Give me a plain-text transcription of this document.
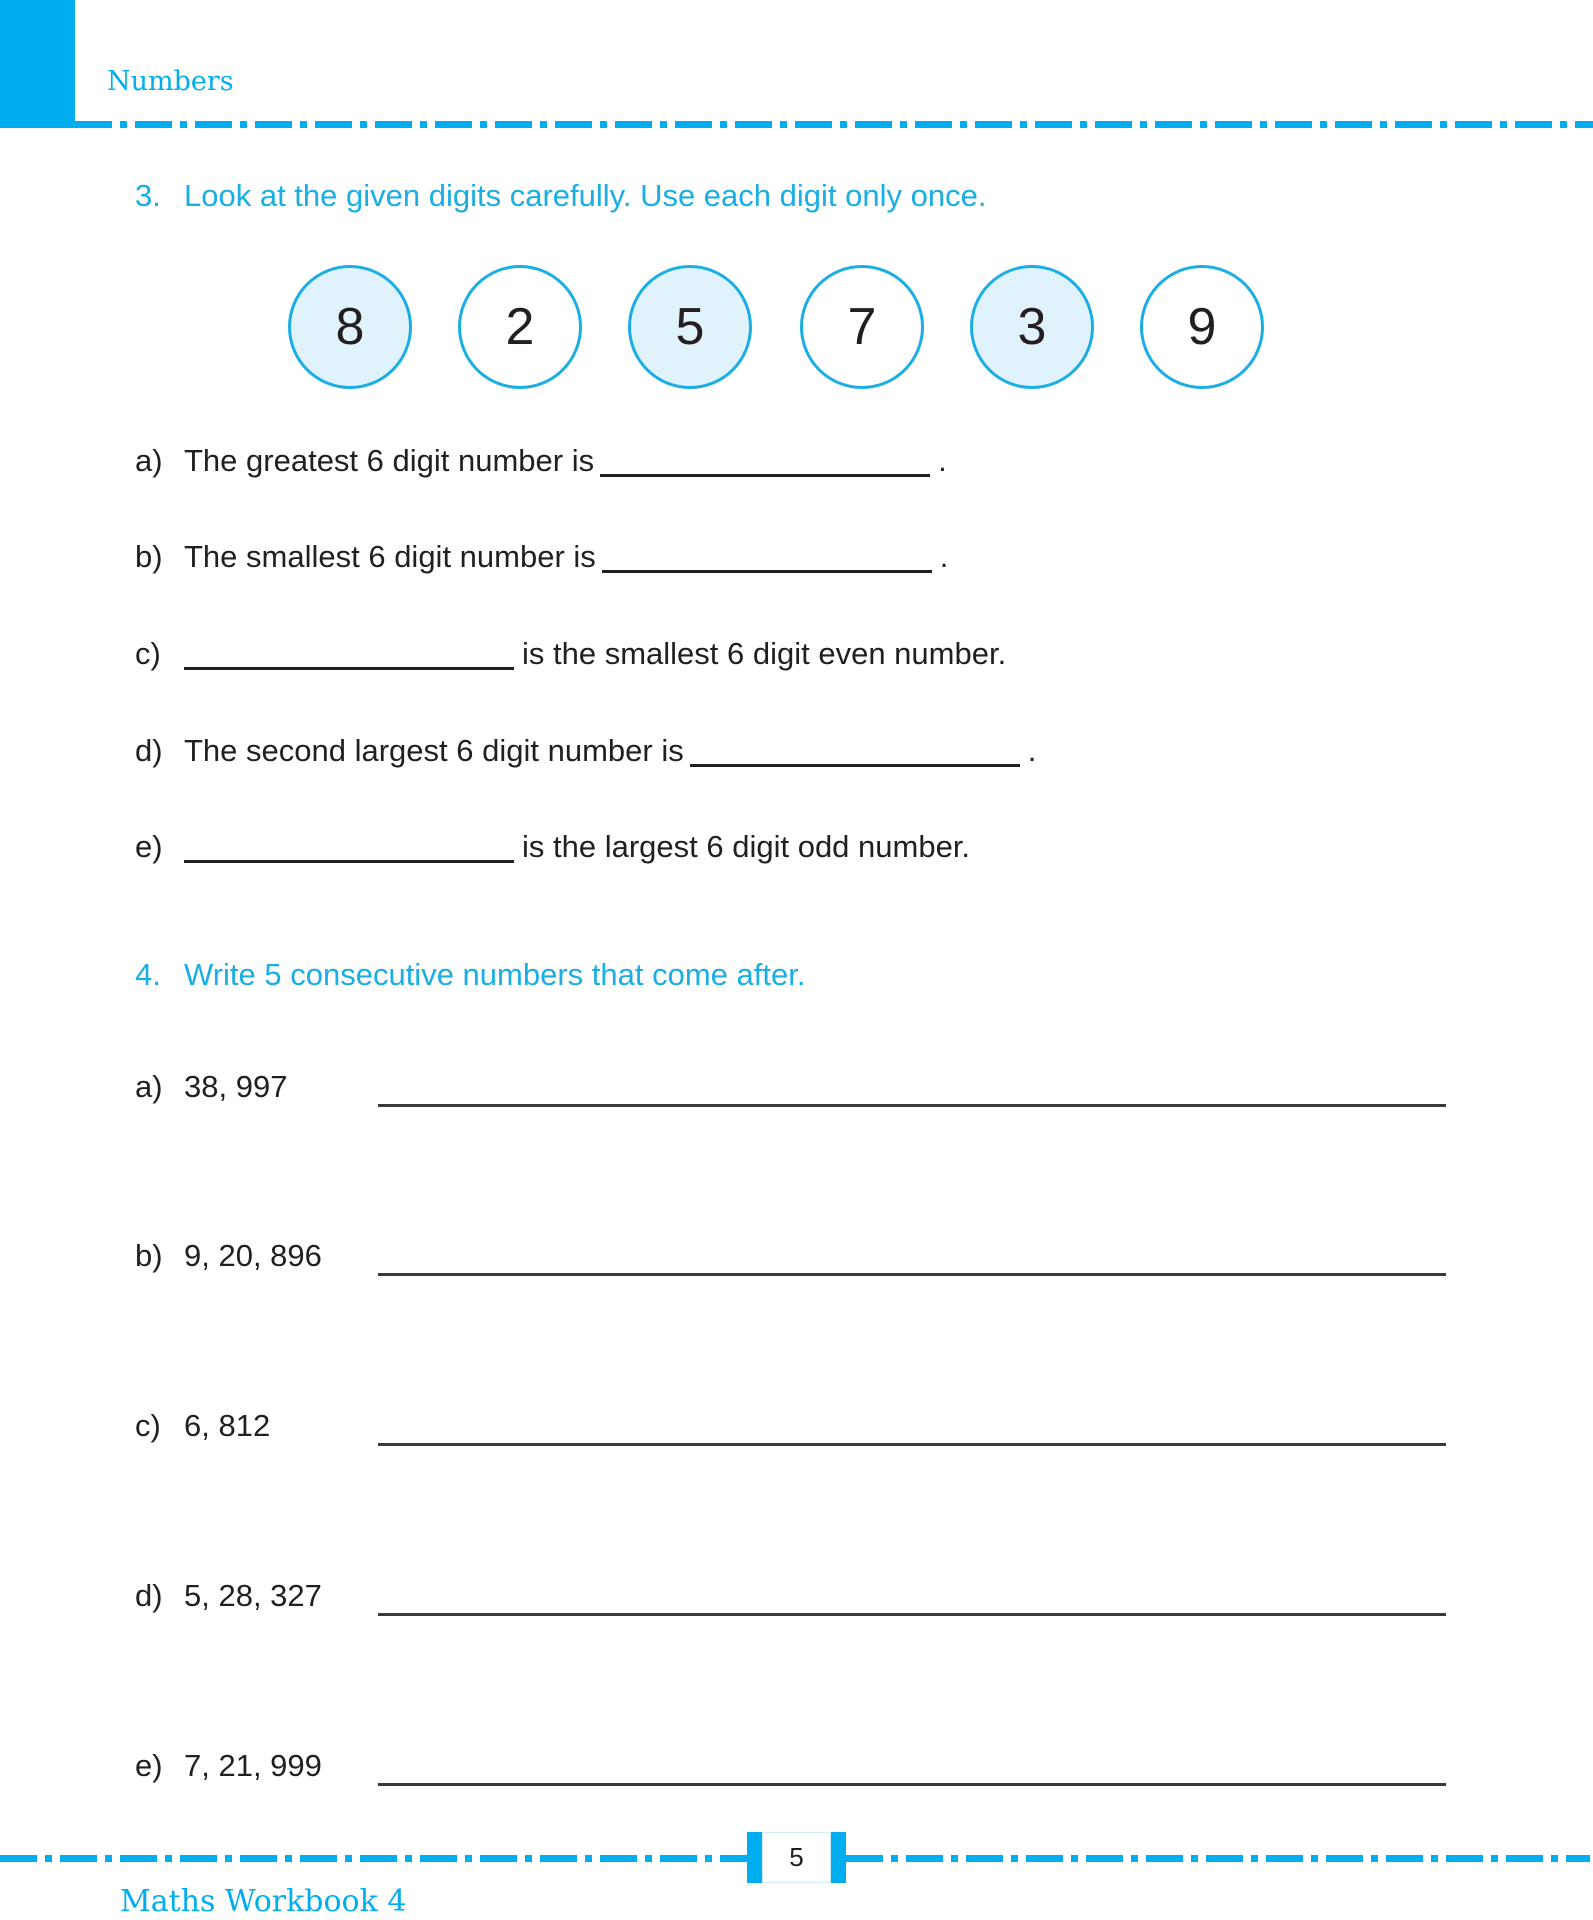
Numbers
3. Look at the given digits carefully. Use each digit only once.
8	2	5	7	3	9
a) The greatest 6 digit number is	.
b) The smallest 6 digit number is	.
c)	is the smallest 6 digit even number.
d) The second largest 6 digit number is	.
e)	is the largest 6 digit odd number.
4. Write 5 consecutive numbers that come after.
a) 38, 997
b) 9, 20, 896
c) 6, 812
d) 5, 28, 327
e) 7, 21, 999
5
Maths Workbook 4
